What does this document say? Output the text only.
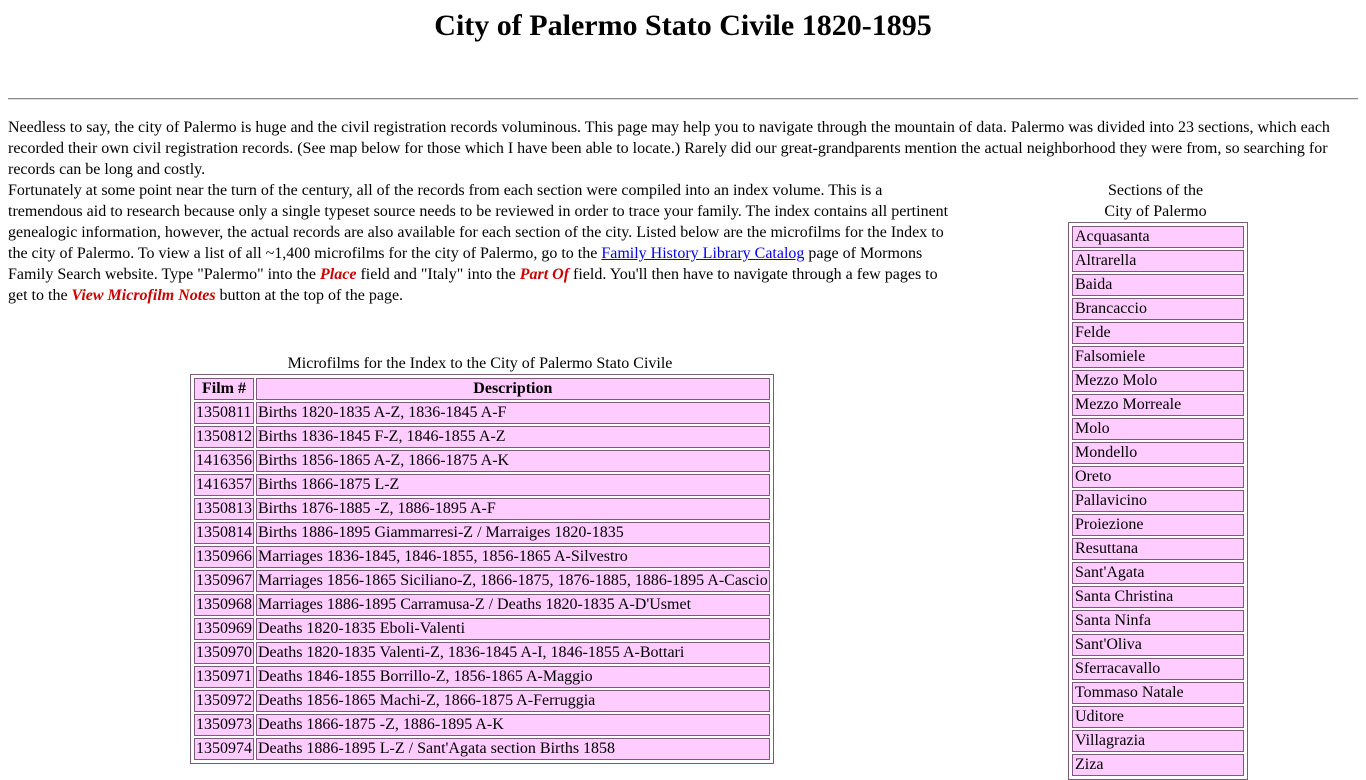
City of Palermo Stato Civile 1820-1895

Needless to say, the city of Palermo is huge and the civil registration records voluminous. This page may help you to navigate through the mountain of data. Palermo was divided into 23 sections, which each recorded their own civil registration records. (See map below for those which I have been able to locate.) Rarely did our great-grandparents mention the actual neighborhood they were from, so searching for records can be long and costly.

Fortunately at some point near the turn of the century, all of the records from each section were compiled into an index volume. This is a tremendous aid to research because only a single typeset source needs to be reviewed in order to trace your family. The index contains all pertinent genealogic information, however, the actual records are also available for each section of the city. Listed below are the microfilms for the Index to the city of Palermo. To view a list of all ~1,400 microfilms for the city of Palermo, go to the Family History Library Catalog page of Mormons Family Search website. Type "Palermo" into the Place field and "Italy" into the Part Of field. You'll then have to navigate through a few pages to get to the View Microfilm Notes button at the top of the page.

Sections of the
City of Palermo
Acquasanta
Altrarella
Baida
Brancaccio
Felde
Falsomiele
Mezzo Molo
Mezzo Morreale
Molo
Mondello
Oreto
Pallavicino
Proiezione
Resuttana
Sant'Agata
Santa Christina
Santa Ninfa
Sant'Oliva
Sferracavallo
Tommaso Natale
Uditore
Villagrazia
Ziza
Microfilms for the Index to the City of Palermo Stato Civile
Film #	Description
1350811	Births 1820-1835 A-Z, 1836-1845 A-F
1350812	Births 1836-1845 F-Z, 1846-1855 A-Z
1416356	Births 1856-1865 A-Z, 1866-1875 A-K
1416357	Births 1866-1875 L-Z
1350813	Births 1876-1885 -Z, 1886-1895 A-F
1350814	Births 1886-1895 Giammarresi-Z / Marraiges 1820-1835
1350966	Marriages 1836-1845, 1846-1855, 1856-1865 A-Silvestro
1350967	Marriages 1856-1865 Siciliano-Z, 1866-1875, 1876-1885, 1886-1895 A-Cascio
1350968	Marriages 1886-1895 Carramusa-Z / Deaths 1820-1835 A-D'Usmet
1350969	Deaths 1820-1835 Eboli-Valenti
1350970	Deaths 1820-1835 Valenti-Z, 1836-1845 A-I, 1846-1855 A-Bottari
1350971	Deaths 1846-1855 Borrillo-Z, 1856-1865 A-Maggio
1350972	Deaths 1856-1865 Machi-Z, 1866-1875 A-Ferruggia
1350973	Deaths 1866-1875 -Z, 1886-1895 A-K
1350974	Deaths 1886-1895 L-Z / Sant'Agata section Births 1858
